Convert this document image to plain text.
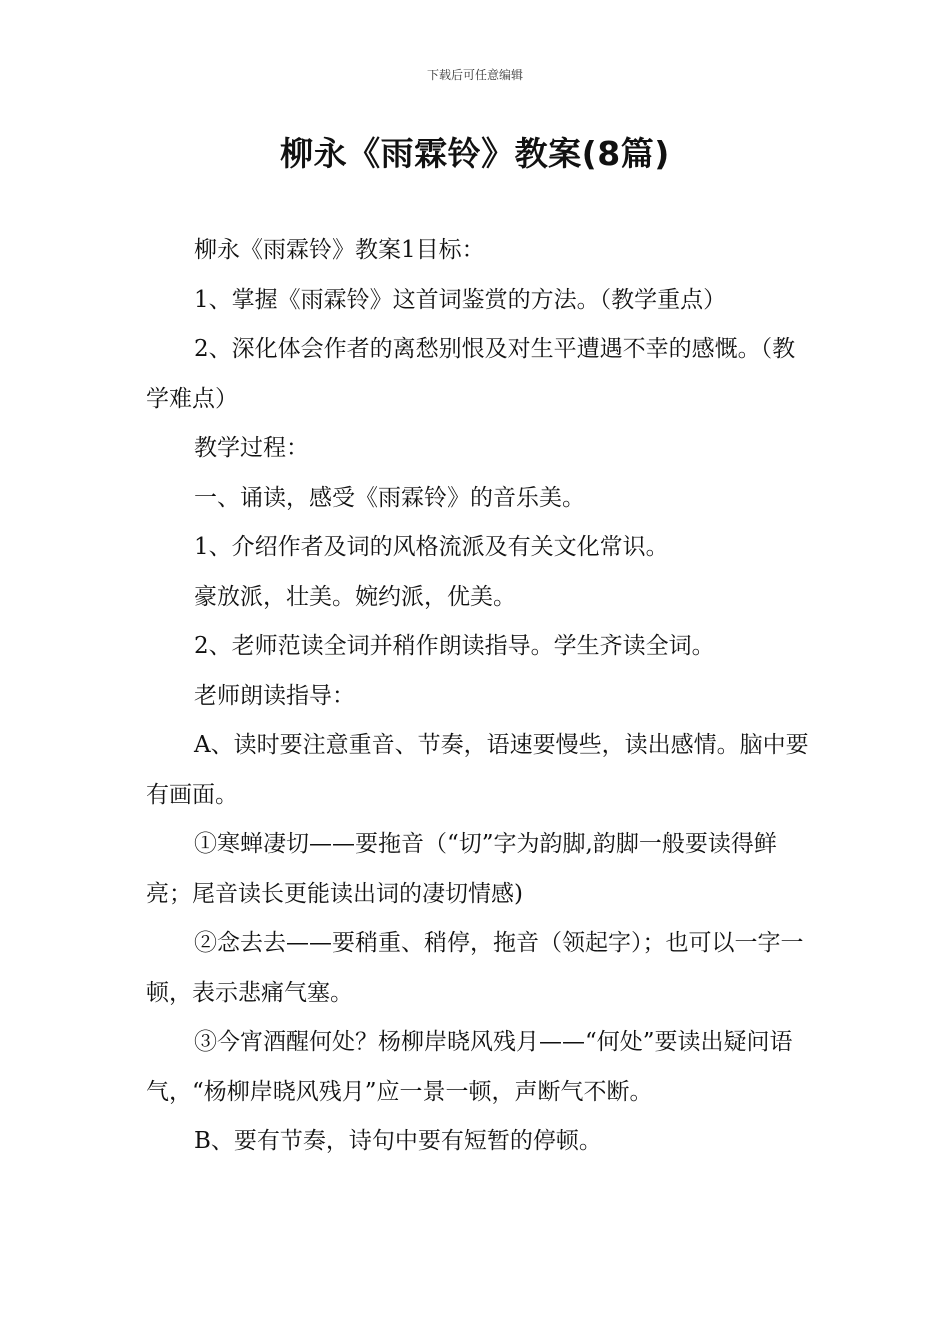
下载后可任意编辑
柳永《雨霖铃》教案(8篇)

柳永《雨霖铃》教案1目标：

1、掌握《雨霖铃》这首词鉴赏的方法。（教学重点）

2、深化体会作者的离愁别恨及对生平遭遇不幸的感慨。（教学难点）

教学过程：

一、诵读，感受《雨霖铃》的音乐美。

1、介绍作者及词的风格流派及有关文化常识。

豪放派，壮美。婉约派，优美。

2、老师范读全词并稍作朗读指导。学生齐读全词。

老师朗读指导：

A、读时要注意重音、节奏，语速要慢些，读出感情。脑中要有画面。

①寒蝉凄切——要拖音（“切”字为韵脚,韵脚一般要读得鲜亮；尾音读长更能读出词的凄切情感)

②念去去——要稍重、稍停，拖音（领起字）；也可以一字一顿，表示悲痛气塞。

③今宵酒醒何处？杨柳岸晓风残月——“何处”要读出疑问语气，“杨柳岸晓风残月”应一景一顿，声断气不断。

B、要有节奏，诗句中要有短暂的停顿。
